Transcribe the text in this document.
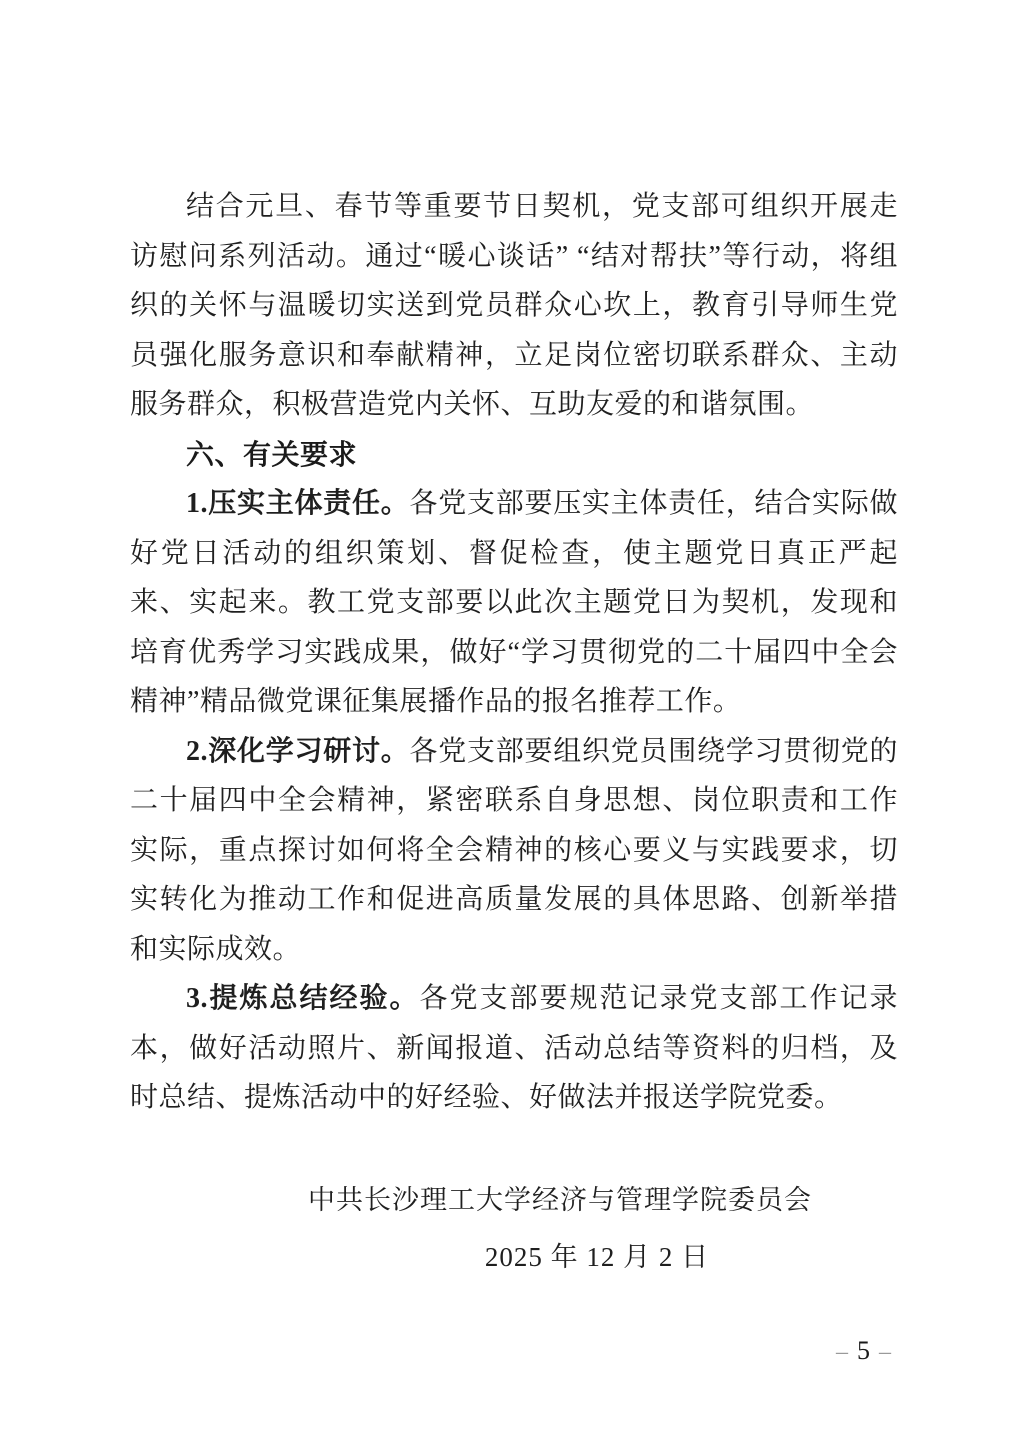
结合元旦、春节等重要节日契机，党支部可组织开展走访慰问系列活动。通过“暖心谈话” “结对帮扶”等行动，将组织的关怀与温暖切实送到党员群众心坎上，教育引导师生党员强化服务意识和奉献精神，立足岗位密切联系群众、主动服务群众，积极营造党内关怀、互助友爱的和谐氛围。

六、有关要求

1.压实主体责任。各党支部要压实主体责任，结合实际做好党日活动的组织策划、督促检查，使主题党日真正严起来、实起来。教工党支部要以此次主题党日为契机，发现和培育优秀学习实践成果，做好“学习贯彻党的二十届四中全会精神”精品微党课征集展播作品的报名推荐工作。

2.深化学习研讨。各党支部要组织党员围绕学习贯彻党的二十届四中全会精神，紧密联系自身思想、岗位职责和工作实际，重点探讨如何将全会精神的核心要义与实践要求，切实转化为推动工作和促进高质量发展的具体思路、创新举措和实际成效。

3.提炼总结经验。各党支部要规范记录党支部工作记录本，做好活动照片、新闻报道、活动总结等资料的归档，及时总结、提炼活动中的好经验、好做法并报送学院党委。

中共长沙理工大学经济与管理学院委员会

2025 年 12 月 2 日

– 5 –
